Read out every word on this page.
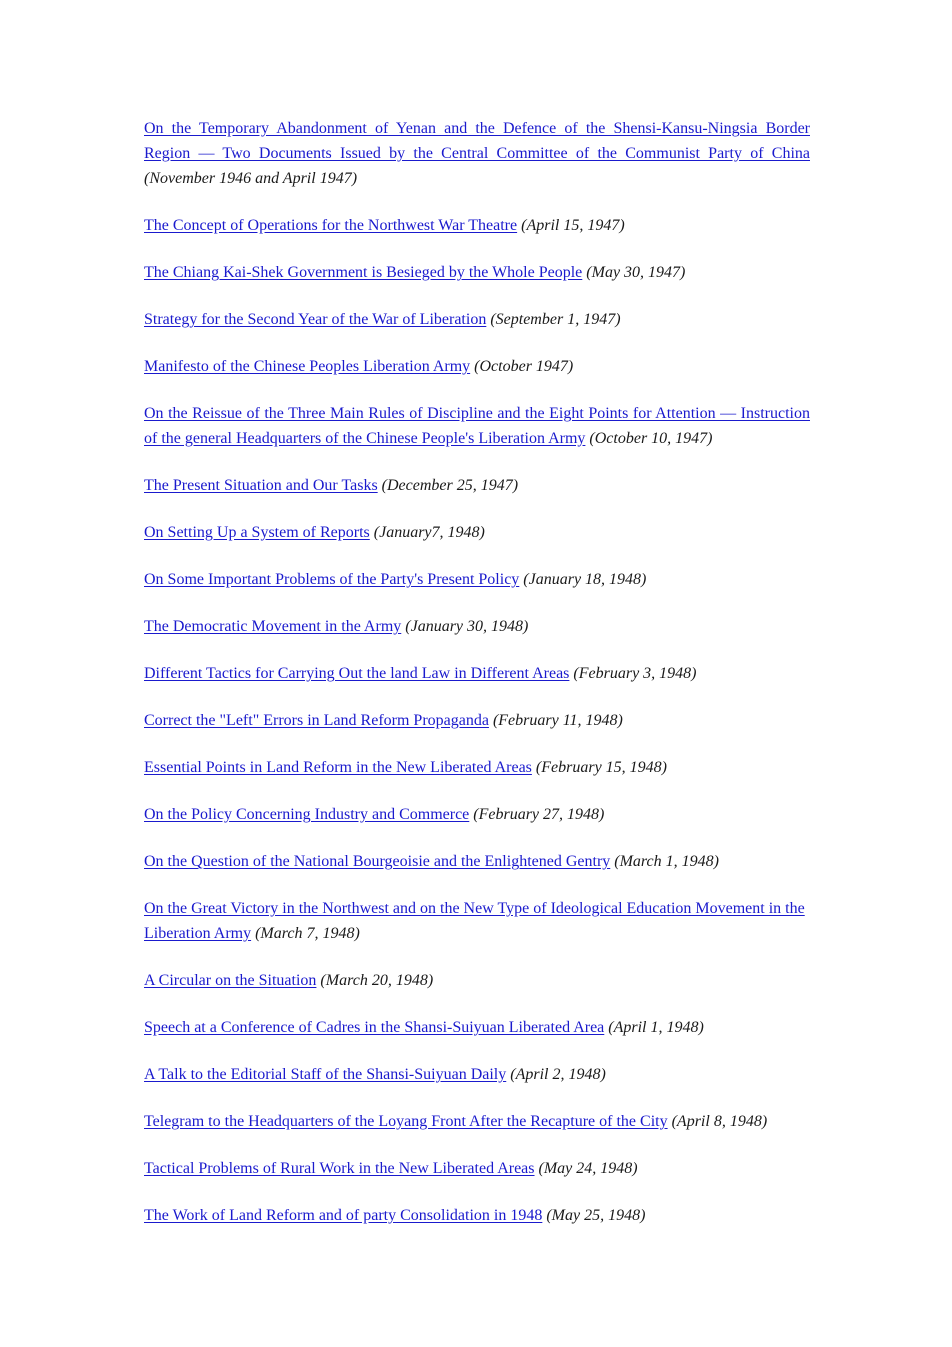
On the Temporary Abandonment of Yenan and the Defence of the Shensi-Kansu-Ningsia Border Region — Two Documents Issued by the Central Committee of the Communist Party of China (November 1946 and April 1947)

The Concept of Operations for the Northwest War Theatre (April 15, 1947)

The Chiang Kai-Shek Government is Besieged by the Whole People (May 30, 1947)

Strategy for the Second Year of the War of Liberation (September 1, 1947)

Manifesto of the Chinese Peoples Liberation Army (October 1947)

On the Reissue of the Three Main Rules of Discipline and the Eight Points for Attention — Instruction of the general Headquarters of the Chinese People's Liberation Army (October 10, 1947)

The Present Situation and Our Tasks (December 25, 1947)

On Setting Up a System of Reports (January7, 1948)

On Some Important Problems of the Party's Present Policy (January 18, 1948)

The Democratic Movement in the Army (January 30, 1948)

Different Tactics for Carrying Out the land Law in Different Areas (February 3, 1948)

Correct the "Left" Errors in Land Reform Propaganda (February 11, 1948)

Essential Points in Land Reform in the New Liberated Areas (February 15, 1948)

On the Policy Concerning Industry and Commerce (February 27, 1948)

On the Question of the National Bourgeoisie and the Enlightened Gentry (March 1, 1948)

On the Great Victory in the Northwest and on the New Type of Ideological Education Movement in the Liberation Army (March 7, 1948)

A Circular on the Situation (March 20, 1948)

Speech at a Conference of Cadres in the Shansi-Suiyuan Liberated Area (April 1, 1948)

A Talk to the Editorial Staff of the Shansi-Suiyuan Daily (April 2, 1948)

Telegram to the Headquarters of the Loyang Front After the Recapture of the City (April 8, 1948)

Tactical Problems of Rural Work in the New Liberated Areas (May 24, 1948)

The Work of Land Reform and of party Consolidation in 1948 (May 25, 1948)
